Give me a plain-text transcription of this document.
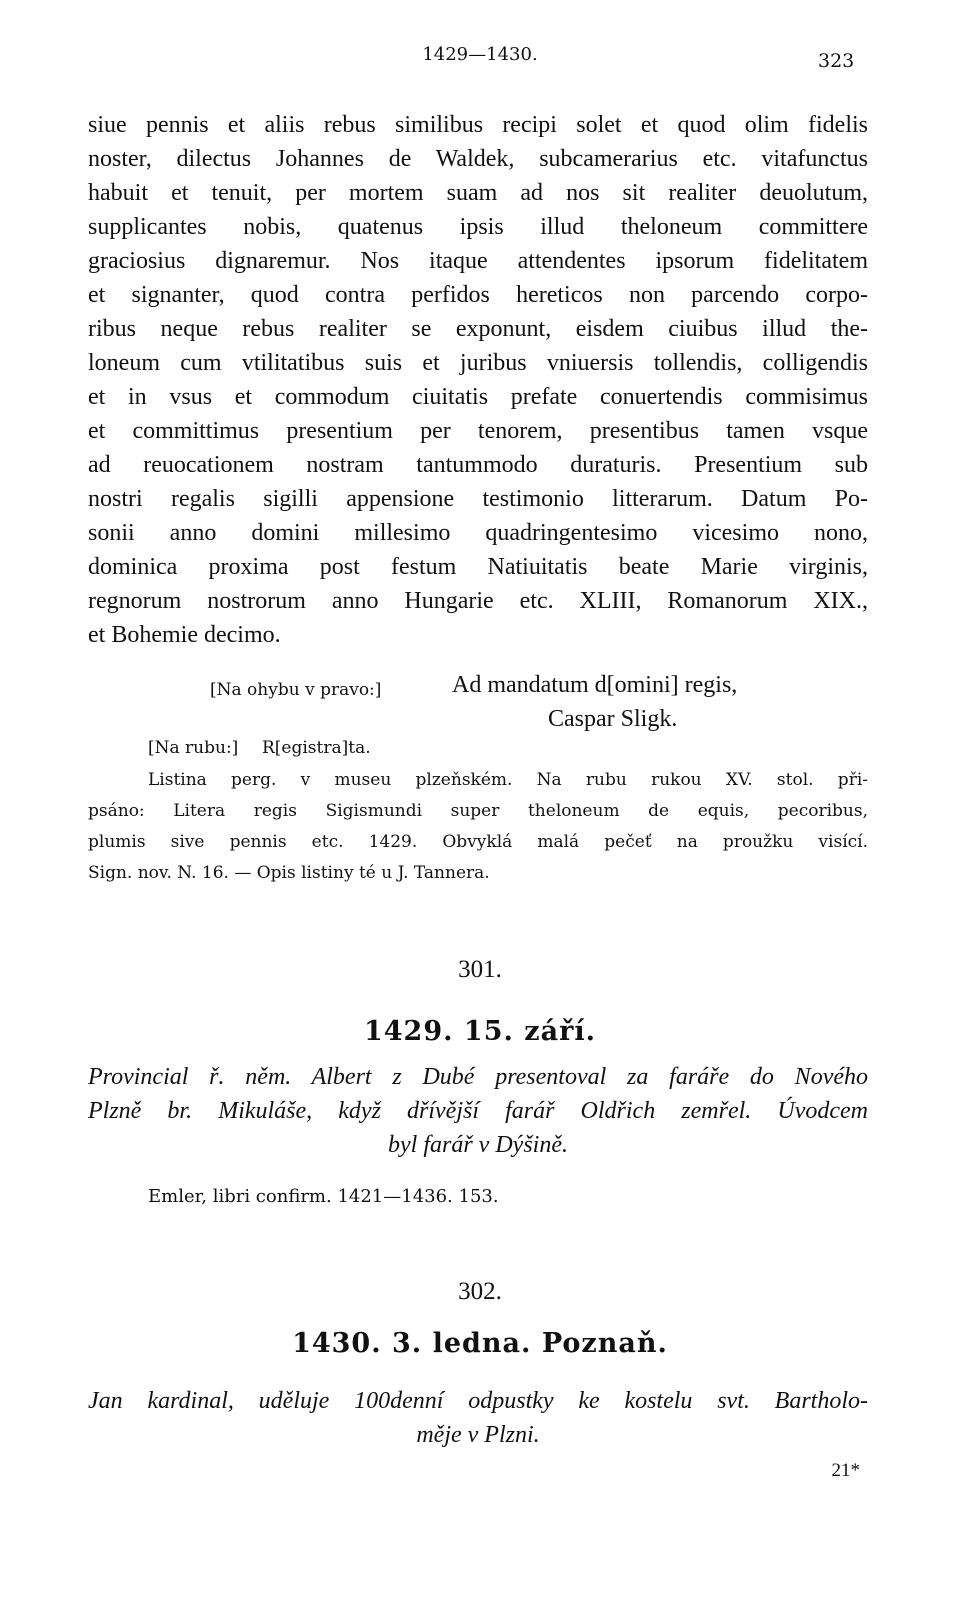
1429—1430.	323
siue pennis et aliis rebus similibus recipi solet et quod olim fidelis
noster, dilectus Johannes de Waldek, subcamerarius etc. vitafunctus
habuit et tenuit, per mortem suam ad nos sit realiter deuolutum,
supplicantes nobis, quatenus ipsis illud theloneum committere
graciosius dignaremur. Nos itaque attendentes ipsorum fidelitatem
et signanter, quod contra perfidos hereticos non parcendo corpo-
ribus neque rebus realiter se exponunt, eisdem ciuibus illud the-
loneum cum vtilitatibus suis et juribus vniuersis tollendis, colligendis
et in vsus et commodum ciuitatis prefate conuertendis commisimus
et committimus presentium per tenorem, presentibus tamen vsque
ad reuocationem nostram tantummodo duraturis. Presentium sub
nostri regalis sigilli appensione testimonio litterarum. Datum Po-
sonii anno domini millesimo quadringentesimo vicesimo nono,
dominica proxima post festum Natiuitatis beate Marie virginis,
regnorum nostrorum anno Hungarie etc. XLIII, Romanorum XIX.,
et Bohemie decimo.
[Na ohybu v pravo:]	Ad mandatum d[omini] regis,
Caspar Sligk.
[Na rubu:] R[egistra]ta.
Listina perg. v museu plzeňském. Na rubu rukou XV. stol. při-
psáno: Litera regis Sigismundi super theloneum de equis, pecoribus,
plumis sive pennis etc. 1429. Obvyklá malá pečeť na proužku visící.
Sign. nov. N. 16. — Opis listiny té u J. Tannera.
301.
1429. 15. září.
Provincial ř. něm. Albert z Dubé presentoval za faráře do Nového
Plzně br. Mikuláše, když dřívější farář Oldřich zemřel. Úvodcem
byl farář v Dýšině.
Emler, libri confirm. 1421—1436. 153.
302.
1430. 3. ledna. Poznaň.
Jan kardinal, uděluje 100denní odpustky ke kostelu svt. Bartholo-
měje v Plzni.
21*
